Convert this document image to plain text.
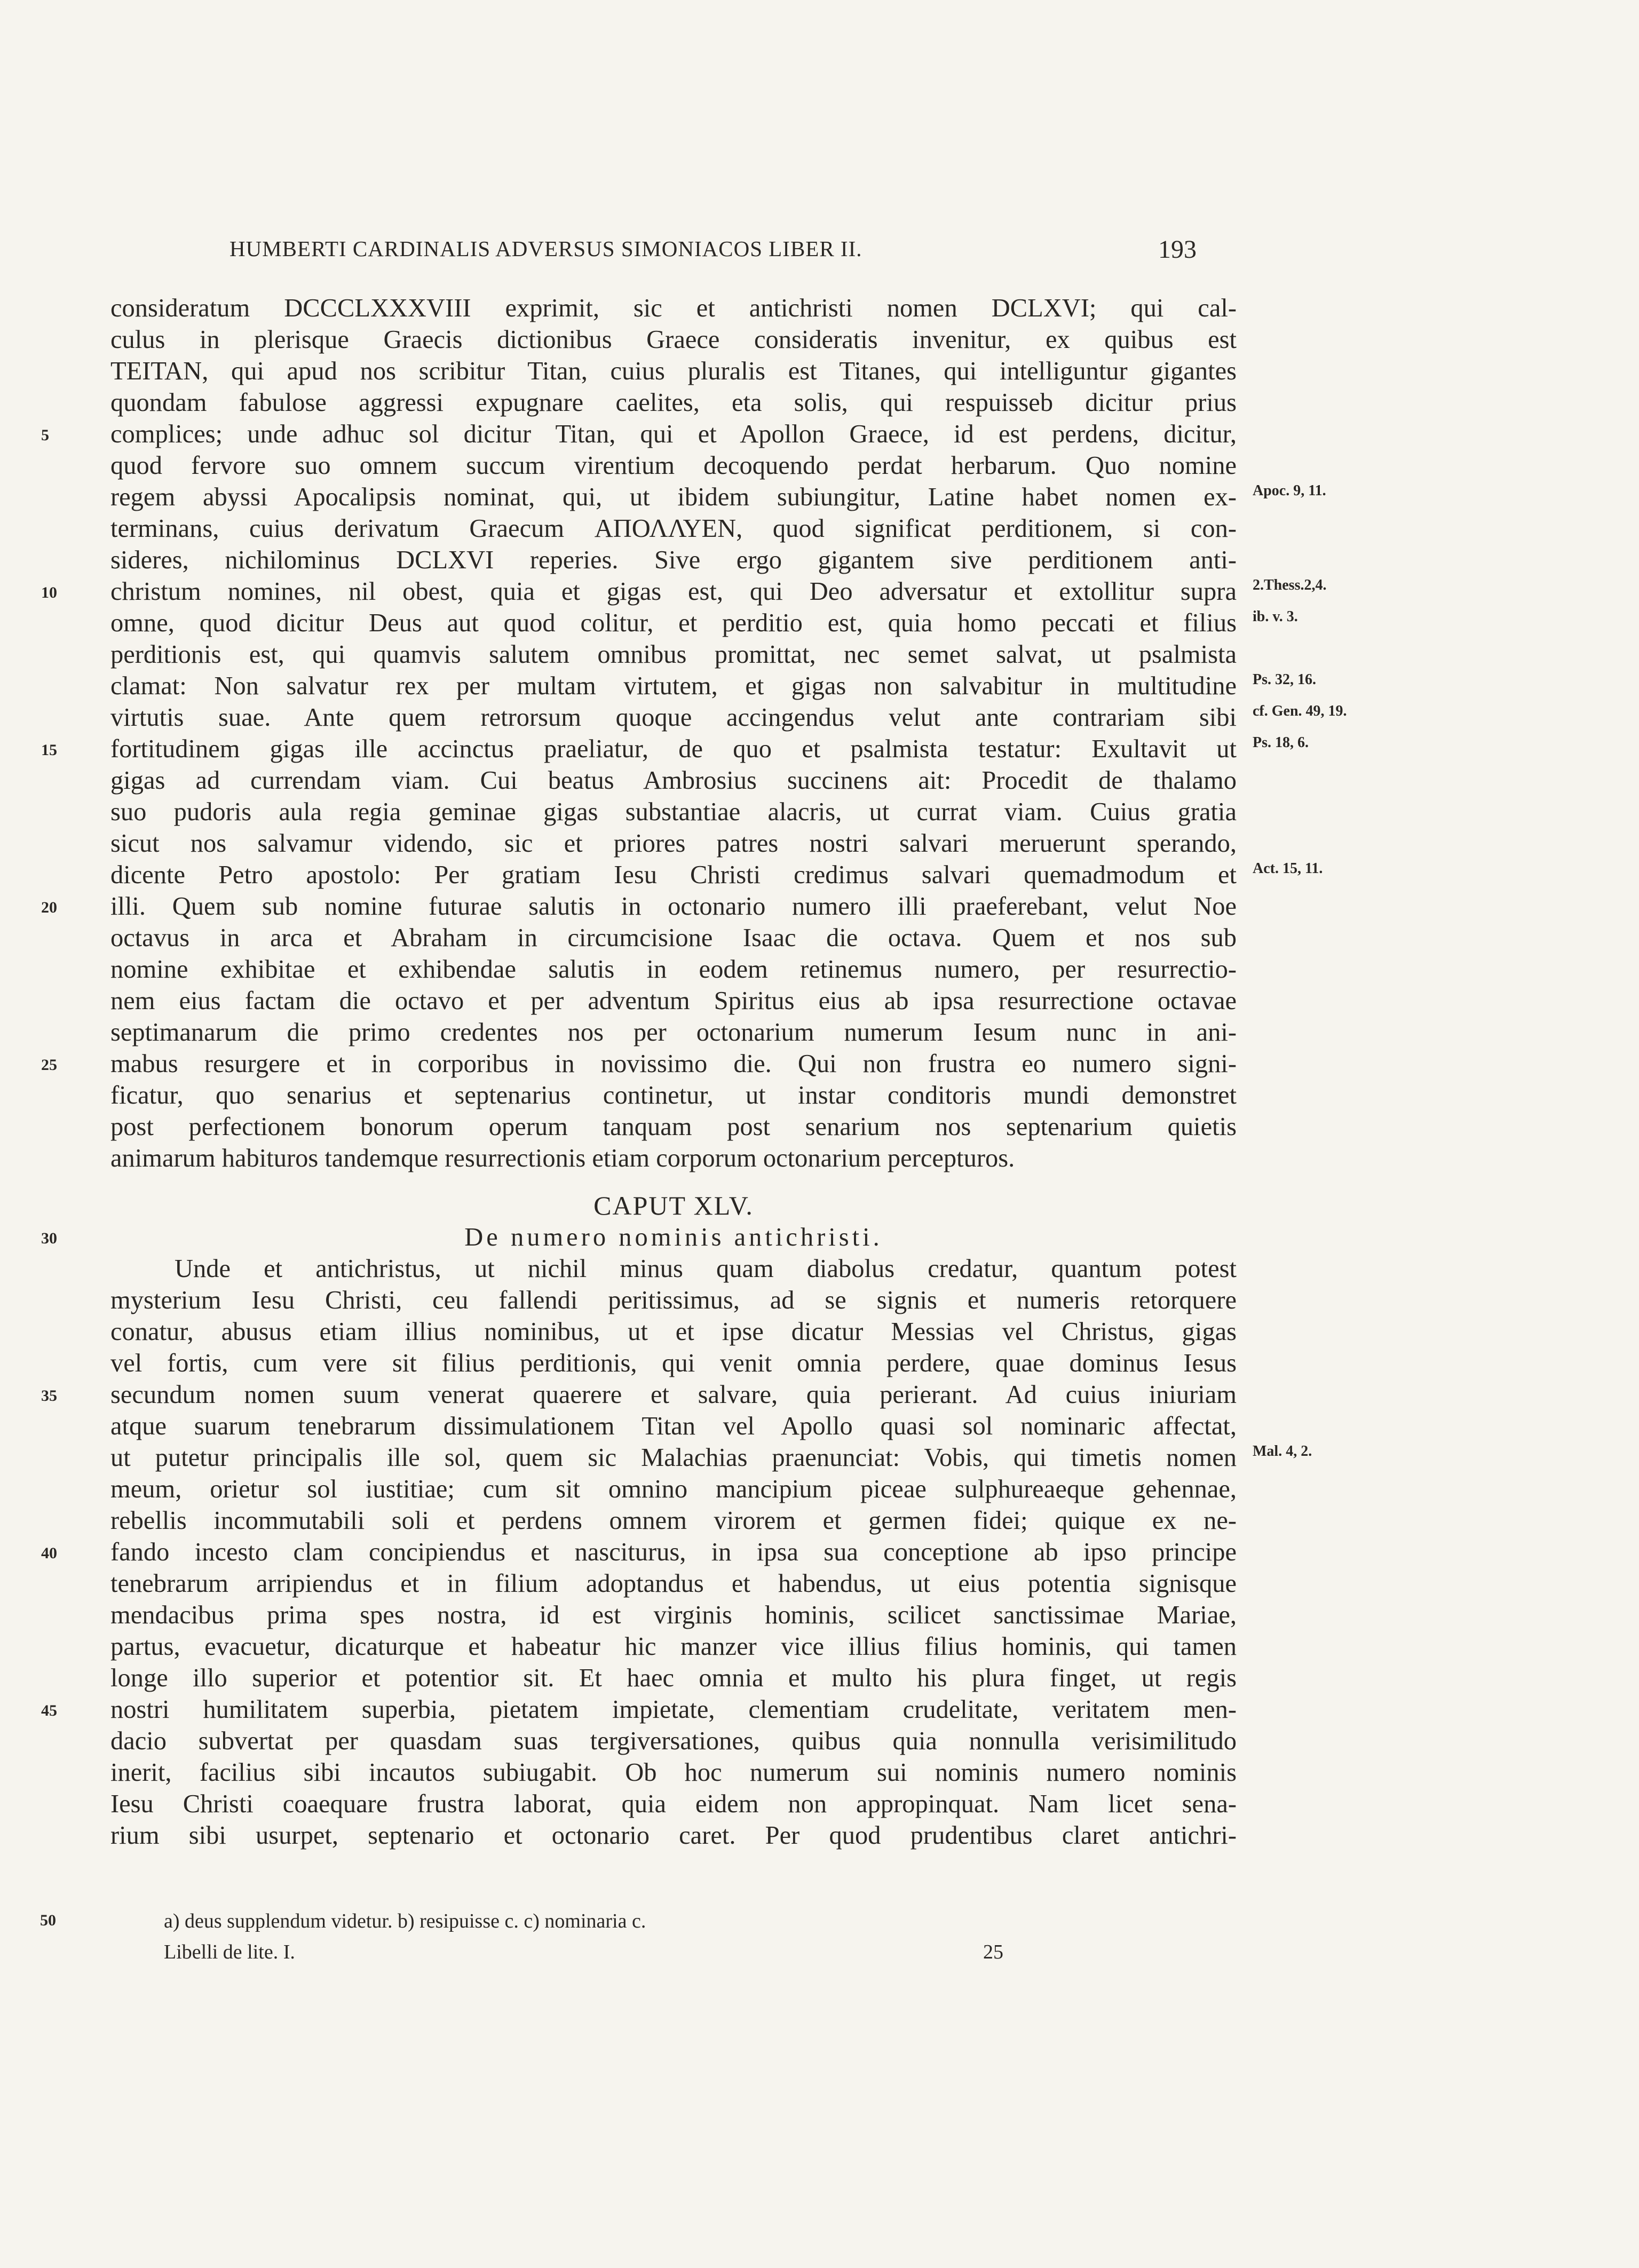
HUMBERTI CARDINALIS ADVERSUS SIMONIACOS LIBER II.	193
consideratum DCCCLXXXVIII exprimit, sic et antichristi nomen DCLXVI; qui cal-
culus in plerisque Graecis dictionibus Graece consideratis invenitur, ex quibus est
TEITAN, qui apud nos scribitur Titan, cuius pluralis est Titanes, qui intelliguntur gigantes
quondam fabulose aggressi expugnare caelites, eta solis, qui respuisseb dicitur prius
5	complices; unde adhuc sol dicitur Titan, qui et Apollon Graece, id est perdens, dicitur,
quod fervore suo omnem succum virentium decoquendo perdat herbarum. Quo nomine
regem abyssi Apocalipsis nominat, qui, ut ibidem subiungitur, Latine habet nomen ex- Apoc. 9, 11.
terminans, cuius derivatum Graecum ΑΠΟΛΛΥΕΝ, quod significat perditionem, si con-
sideres, nichilominus DCLXVI reperies. Sive ergo gigantem sive perditionem anti-
10	christum nomines, nil obest, quia et gigas est, qui Deo adversatur et extollitur supra 2.Thess.2,4.
omne, quod dicitur Deus aut quod colitur, et perditio est, quia homo peccati et filius ib. v. 3.
perditionis est, qui quamvis salutem omnibus promittat, nec semet salvat, ut psalmista
clamat: Non salvatur rex per multam virtutem, et gigas non salvabitur in multitudine Ps. 32, 16.
virtutis suae. Ante quem retrorsum quoque accingendus velut ante contrariam sibi cf. Gen. 49, 19.
15	fortitudinem gigas ille accinctus praeliatur, de quo et psalmista testatur: Exultavit ut Ps. 18, 6.
gigas ad currendam viam. Cui beatus Ambrosius succinens ait: Procedit de thalamo
suo pudoris aula regia geminae gigas substantiae alacris, ut currat viam. Cuius gratia
sicut nos salvamur videndo, sic et priores patres nostri salvari meruerunt sperando,
dicente Petro apostolo: Per gratiam Iesu Christi credimus salvari quemadmodum et Act. 15, 11.
20	illi. Quem sub nomine futurae salutis in octonario numero illi praeferebant, velut Noe
octavus in arca et Abraham in circumcisione Isaac die octava. Quem et nos sub
nomine exhibitae et exhibendae salutis in eodem retinemus numero, per resurrectio-
nem eius factam die octavo et per adventum Spiritus eius ab ipsa resurrectione octavae
septimanarum die primo credentes nos per octonarium numerum Iesum nunc in ani-
25	mabus resurgere et in corporibus in novissimo die. Qui non frustra eo numero signi-
ficatur, quo senarius et septenarius continetur, ut instar conditoris mundi demonstret
post perfectionem bonorum operum tanquam post senarium nos septenarium quietis
animarum habituros tandemque resurrectionis etiam corporum octonarium percepturos.
CAPUT XLV.
30	De numero nominis antichristi.
Unde et antichristus, ut nichil minus quam diabolus credatur, quantum potest
mysterium Iesu Christi, ceu fallendi peritissimus, ad se signis et numeris retorquere
conatur, abusus etiam illius nominibus, ut et ipse dicatur Messias vel Christus, gigas
vel fortis, cum vere sit filius perditionis, qui venit omnia perdere, quae dominus Iesus
35	secundum nomen suum venerat quaerere et salvare, quia perierant. Ad cuius iniuriam
atque suarum tenebrarum dissimulationem Titan vel Apollo quasi sol nominaric affectat,
ut putetur principalis ille sol, quem sic Malachias praenunciat: Vobis, qui timetis nomen Mal. 4, 2.
meum, orietur sol iustitiae; cum sit omnino mancipium piceae sulphureaeque gehennae,
rebellis incommutabili soli et perdens omnem virorem et germen fidei; quique ex ne-
40	fando incesto clam concipiendus et nasciturus, in ipsa sua conceptione ab ipso principe
tenebrarum arripiendus et in filium adoptandus et habendus, ut eius potentia signisque
mendacibus prima spes nostra, id est virginis hominis, scilicet sanctissimae Mariae,
partus, evacuetur, dicaturque et habeatur hic manzer vice illius filius hominis, qui tamen
longe illo superior et potentior sit. Et haec omnia et multo his plura finget, ut regis
45	nostri humilitatem superbia, pietatem impietate, clementiam crudelitate, veritatem men-
dacio subvertat per quasdam suas tergiversationes, quibus quia nonnulla verisimilitudo
inerit, facilius sibi incautos subiugabit. Ob hoc numerum sui nominis numero nominis
Iesu Christi coaequare frustra laborat, quia eidem non appropinquat. Nam licet sena-
rium sibi usurpet, septenario et octonario caret. Per quod prudentibus claret antichri-
50	a) deus supplendum videtur. b) resipuisse c. c) nominaria c.
Libelli de lite. I.	25
